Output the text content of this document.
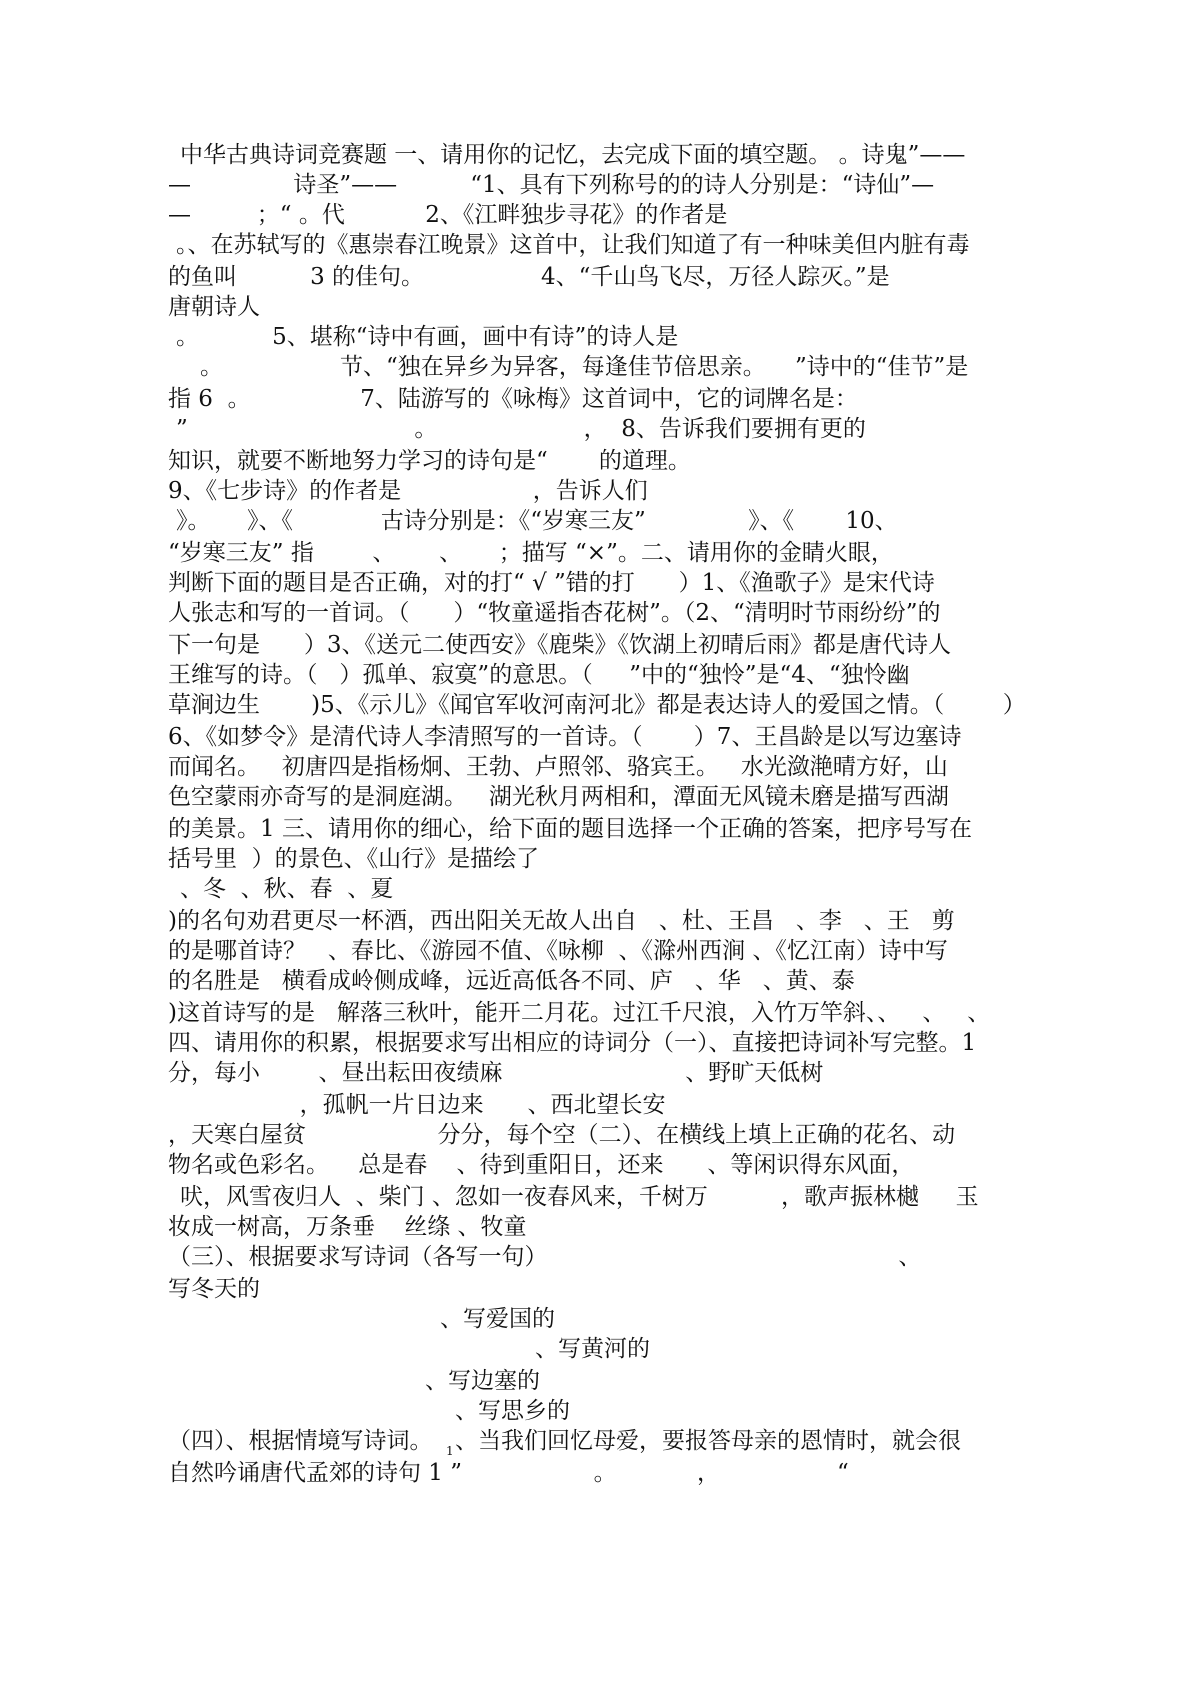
中华古典诗词竞赛题 一、请用你的记忆，去完成下面的填空题。 。诗鬼”——
—              诗圣”——          “1、具有下列称号的的诗人分别是：“诗仙”—
—         ；“ 。代           2、《江畔独步寻花》的作者是
。、在苏轼写的《惠崇春江晚景》这首中，让我们知道了有一种味美但内脏有毒
的鱼叫          3 的佳句。                4、“千山鸟飞尽，万径人踪灭。”是
唐朝诗人
。          5、堪称“诗中有画，画中有诗”的诗人是
。                节、“独在异乡为异客，每逢佳节倍思亲。    ”诗中的“佳节”是
指 6  。               7、陆游写的《咏梅》这首词中，它的词牌名是：
”                               。                    ，  8、告诉我们要拥有更的
知识，就要不断地努力学习的诗句是“       的道理。
9、《七步诗》的作者是                  ，告诉人们
》。     》、《            古诗分别是：《“岁寒三友”              》、《       10、
“岁寒三友” 指        、      、     ；描写 “×”。二、请用你的金睛火眼，
判断下面的题目是否正确，对的打“ √ ”错的打      ）1、《渔歌子》是宋代诗
人张志和写的一首词。（      ）“牧童遥指杏花树”。（2、“清明时节雨纷纷”的
下一句是      ）3、《送元二使西安》《鹿柴》《饮湖上初晴后雨》都是唐代诗人
王维写的诗。（   ）孤单、寂寞”的意思。（     ”中的“独怜”是“4、“独怜幽
草涧边生       )5、《示儿》《闻官军收河南河北》都是表达诗人的爱国之情。（        ）
6、《如梦令》是清代诗人李清照写的一首诗。（       ）7、王昌龄是以写边塞诗
而闻名。   初唐四是指杨炯、王勃、卢照邻、骆宾王。   水光潋滟晴方好，山
色空蒙雨亦奇写的是洞庭湖。   湖光秋月两相和，潭面无风镜未磨是描写西湖
的美景。1 三、请用你的细心，给下面的题目选择一个正确的答案，把序号写在
括号里  ）的景色、《山行》是描绘了
、冬  、秋、春  、夏
)的名句劝君更尽一杯酒，西出阳关无故人出自   、杜、王昌   、李   、王   剪
的是哪首诗？   、春比、《游园不值、《咏柳  、《滁州西涧 、《忆江南）诗中写
的名胜是   横看成岭侧成峰，远近高低各不同、庐   、华   、黄、泰
)这首诗写的是   解落三秋叶，能开二月花。过江千尺浪，入竹万竿斜、、   、   、
四、请用你的积累，根据要求写出相应的诗词分（一）、直接把诗词补写完整。1
分，每小        、昼出耘田夜绩麻                         、野旷天低树
，孤帆一片日边来      、西北望长安
，天寒白屋贫                  分分，每个空（二）、在横线上填上正确的花名、动
物名或色彩名。    总是春    、待到重阳日，还来      、等闲识得东风面，
吠，风雪夜归人  、柴门 、忽如一夜春风来，千树万          ，歌声振林樾     玉
妆成一树高，万条垂    丝绦 、牧童
（三）、根据要求写诗词（各写一句）                                                、
写冬天的
、写爱国的
、写黄河的
、写边塞的
、写思乡的
（四）、根据情境写诗词。 1 、当我们回忆母爱，要报答母亲的恩情时，就会很
自然吟诵唐代孟郊的诗句 1 ”                  。           ，                “
